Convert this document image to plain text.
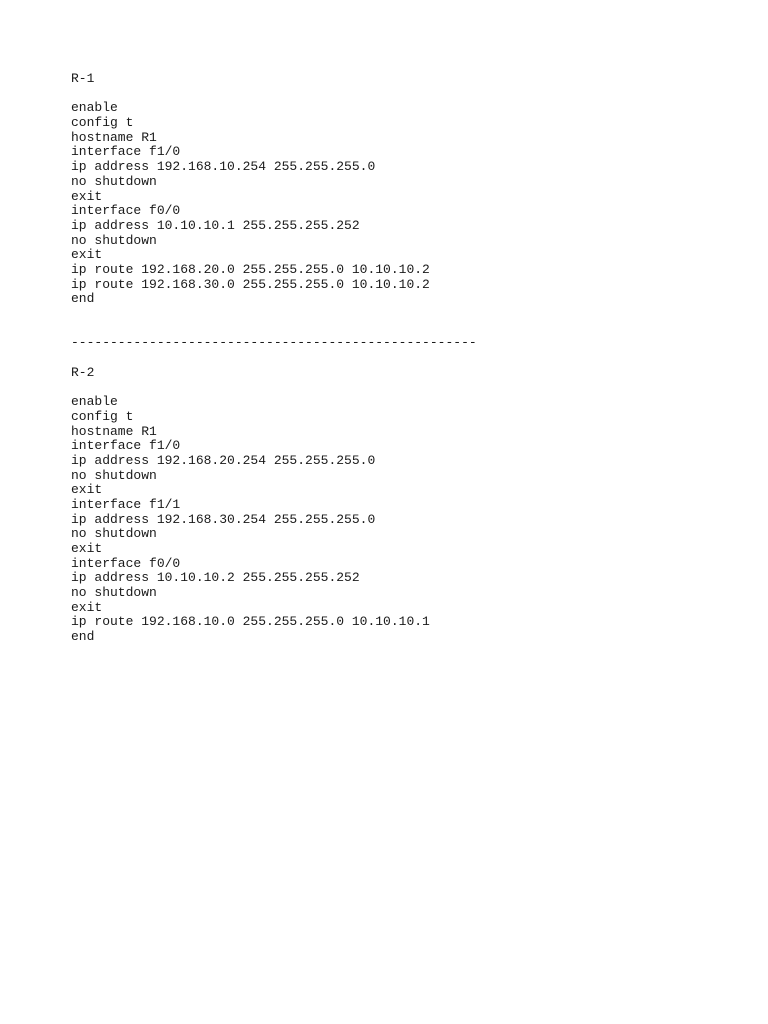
R-1
enable
config t
hostname R1
interface f1/0
ip address 192.168.10.254 255.255.255.0
no shutdown
exit
interface f0/0
ip address 10.10.10.1 255.255.255.252
no shutdown
exit
ip route 192.168.20.0 255.255.255.0 10.10.10.2
ip route 192.168.30.0 255.255.255.0 10.10.10.2
end
----------------------------------------------------
R-2
enable
config t
hostname R1
interface f1/0
ip address 192.168.20.254 255.255.255.0
no shutdown
exit
interface f1/1
ip address 192.168.30.254 255.255.255.0
no shutdown
exit
interface f0/0
ip address 10.10.10.2 255.255.255.252
no shutdown
exit
ip route 192.168.10.0 255.255.255.0 10.10.10.1
end
